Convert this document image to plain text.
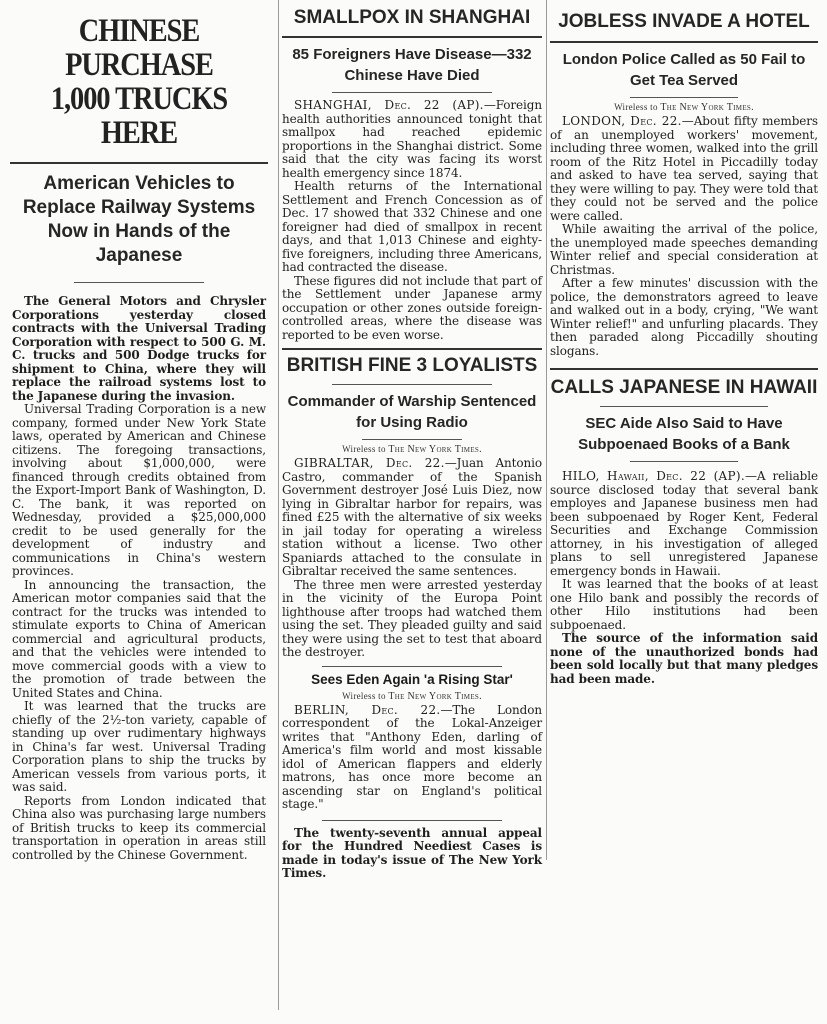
CHINESE PURCHASE
1,000 TRUCKS HERE
American Vehicles to Replace Railway Systems Now in Hands of the Japanese

The General Motors and Chrysler Corporations yesterday closed contracts with the Universal Trading Corporation with respect to 500 G. M. C. trucks and 500 Dodge trucks for shipment to China, where they will replace the railroad systems lost to the Japanese during the invasion.

Universal Trading Corporation is a new company, formed under New York State laws, operated by American and Chinese citizens. The foregoing transactions, involving about $1,000,000, were financed through credits obtained from the Export-Import Bank of Washington, D. C. The bank, it was reported on Wednesday, provided a $25,000,000 credit to be used generally for the development of industry and communications in China's western provinces.

In announcing the transaction, the American motor companies said that the contract for the trucks was intended to stimulate exports to China of American commercial and agricultural products, and that the vehicles were intended to move commercial goods with a view to the promotion of trade between the United States and China.

It was learned that the trucks are chiefly of the 2½-ton variety, capable of standing up over rudimentary highways in China's far west. Universal Trading Corporation plans to ship the trucks by American vessels from various ports, it was said.

Reports from London indicated that China also was purchasing large numbers of British trucks to keep its commercial transportation in operation in areas still controlled by the Chinese Government.

SMALLPOX IN SHANGHAI
85 Foreigners Have Disease—332 Chinese Have Died

SHANGHAI, Dec. 22 (AP).—Foreign health authorities announced tonight that smallpox had reached epidemic proportions in the Shanghai district. Some said that the city was facing its worst health emergency since 1874.

Health returns of the International Settlement and French Concession as of Dec. 17 showed that 332 Chinese and one foreigner had died of smallpox in recent days, and that 1,013 Chinese and eighty-five foreigners, including three Americans, had contracted the disease.

These figures did not include that part of the Settlement under Japanese army occupation or other zones outside foreign-controlled areas, where the disease was reported to be even worse.

BRITISH FINE 3 LOYALISTS
Commander of Warship Sentenced for Using Radio
Wireless to The New York Times.

GIBRALTAR, Dec. 22.—Juan Antonio Castro, commander of the Spanish Government destroyer José Luis Diez, now lying in Gibraltar harbor for repairs, was fined £25 with the alternative of six weeks in jail today for operating a wireless station without a license. Two other Spaniards attached to the consulate in Gibraltar received the same sentences.

The three men were arrested yesterday in the vicinity of the Europa Point lighthouse after troops had watched them using the set. They pleaded guilty and said they were using the set to test that aboard the destroyer.

Sees Eden Again 'a Rising Star'
Wireless to The New York Times.

BERLIN, Dec. 22.—The London correspondent of the Lokal-Anzeiger writes that "Anthony Eden, darling of America's film world and most kissable idol of American flappers and elderly matrons, has once more become an ascending star on England's political stage."

The twenty-seventh annual appeal for the Hundred Neediest Cases is made in today's issue of The New York Times.

JOBLESS INVADE A HOTEL
London Police Called as 50 Fail to Get Tea Served
Wireless to The New York Times.

LONDON, Dec. 22.—About fifty members of an unemployed workers' movement, including three women, walked into the grill room of the Ritz Hotel in Piccadilly today and asked to have tea served, saying that they were willing to pay. They were told that they could not be served and the police were called.

While awaiting the arrival of the police, the unemployed made speeches demanding Winter relief and special consideration at Christmas.

After a few minutes' discussion with the police, the demonstrators agreed to leave and walked out in a body, crying, "We want Winter relief!" and unfurling placards. They then paraded along Piccadilly shouting slogans.

CALLS JAPANESE IN HAWAII
SEC Aide Also Said to Have Subpoenaed Books of a Bank

HILO, Hawaii, Dec. 22 (AP).—A reliable source disclosed today that several bank employes and Japanese business men had been subpoenaed by Roger Kent, Federal Securities and Exchange Commission attorney, in his investigation of alleged plans to sell unregistered Japanese emergency bonds in Hawaii.

It was learned that the books of at least one Hilo bank and possibly the records of other Hilo institutions had been subpoenaed.

The source of the information said none of the unauthorized bonds had been sold locally but that many pledges had been made.
